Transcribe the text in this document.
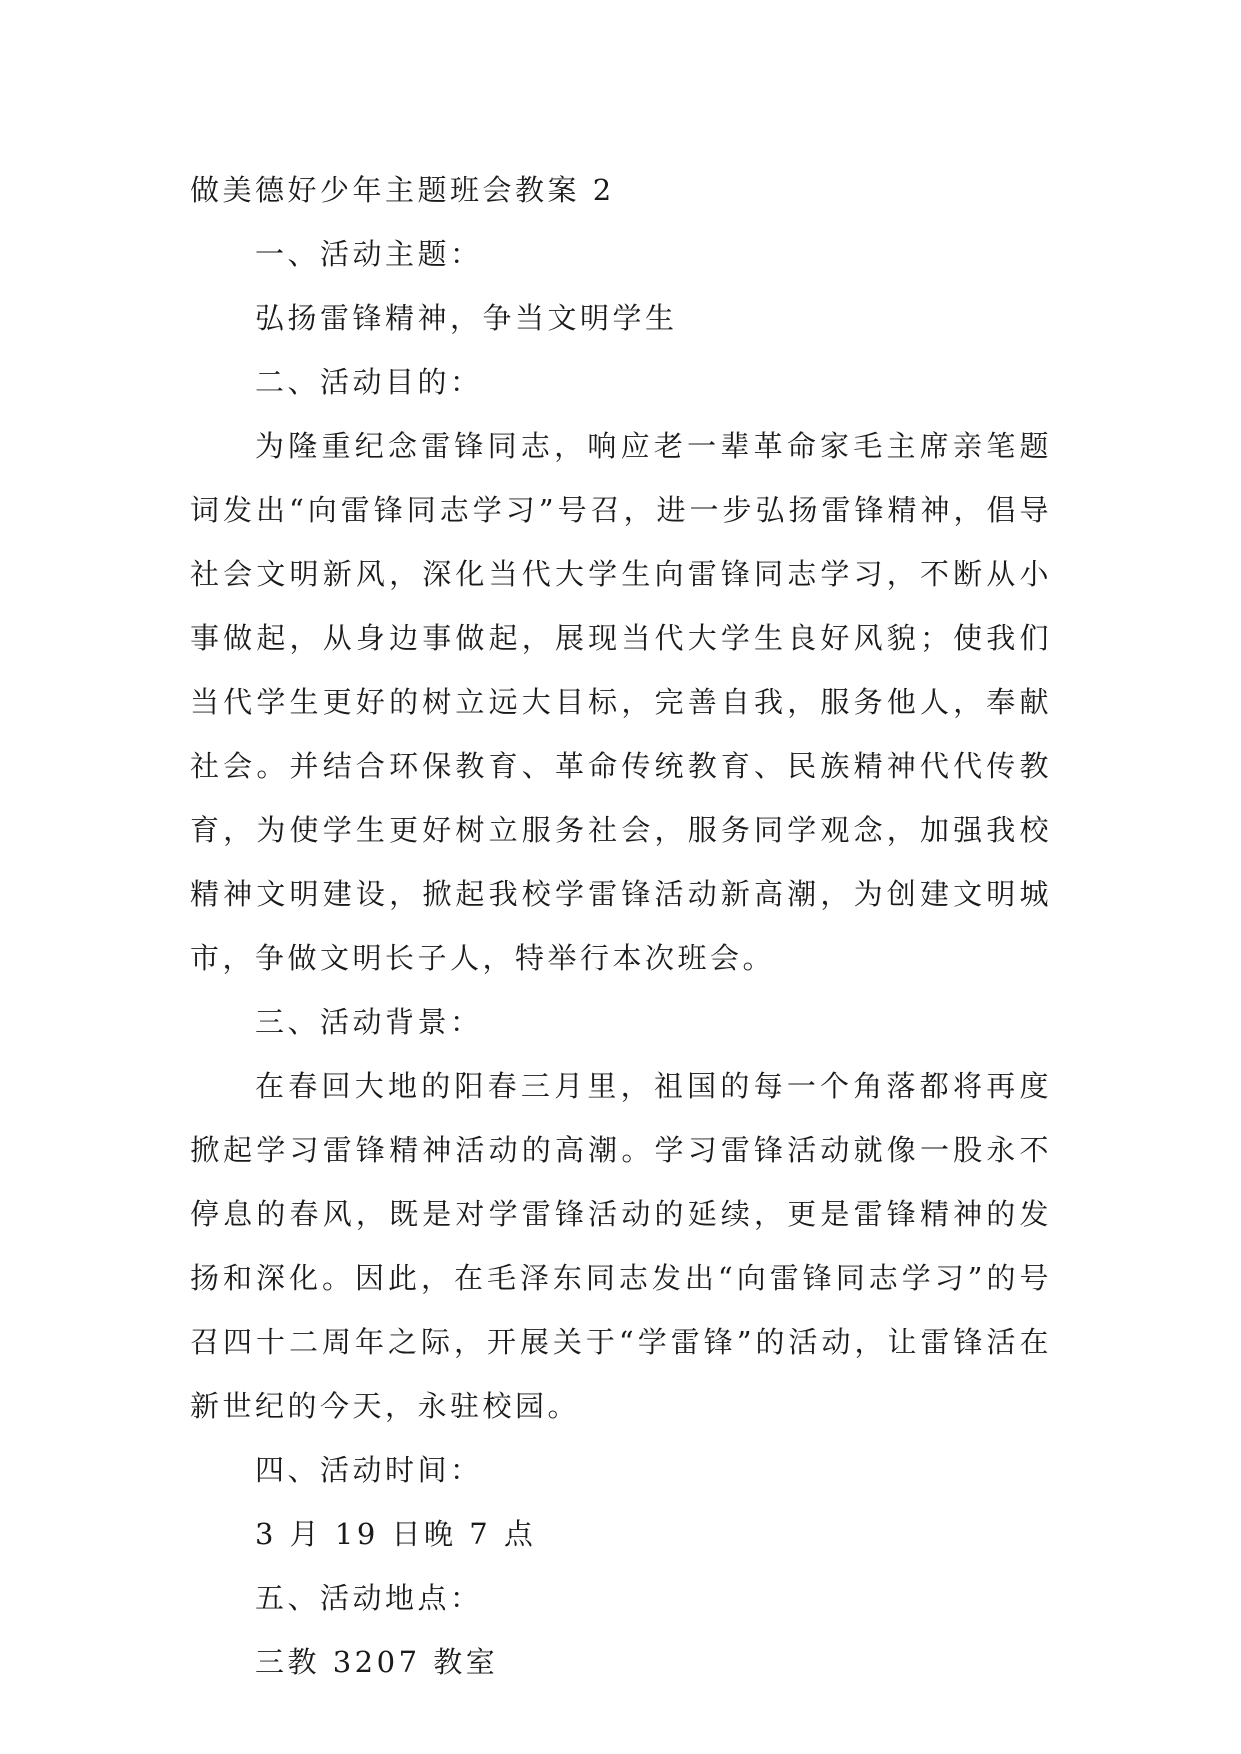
做美德好少年主题班会教案 2

一、活动主题：

弘扬雷锋精神，争当文明学生

二、活动目的：

为隆重纪念雷锋同志，响应老一辈革命家毛主席亲笔题词发出“向雷锋同志学习”号召，进一步弘扬雷锋精神，倡导社会文明新风，深化当代大学生向雷锋同志学习，不断从小事做起，从身边事做起，展现当代大学生良好风貌；使我们当代学生更好的树立远大目标，完善自我，服务他人，奉献社会。并结合环保教育、革命传统教育、民族精神代代传教育，为使学生更好树立服务社会，服务同学观念，加强我校精神文明建设，掀起我校学雷锋活动新高潮，为创建文明城市，争做文明长子人，特举行本次班会。

三、活动背景：

在春回大地的阳春三月里，祖国的每一个角落都将再度掀起学习雷锋精神活动的高潮。学习雷锋活动就像一股永不停息的春风，既是对学雷锋活动的延续，更是雷锋精神的发扬和深化。因此，在毛泽东同志发出“向雷锋同志学习”的号召四十二周年之际，开展关于“学雷锋”的活动，让雷锋活在新世纪的今天，永驻校园。

四、活动时间：

3 月 19 日晚 7 点

五、活动地点：

三教 3207 教室
